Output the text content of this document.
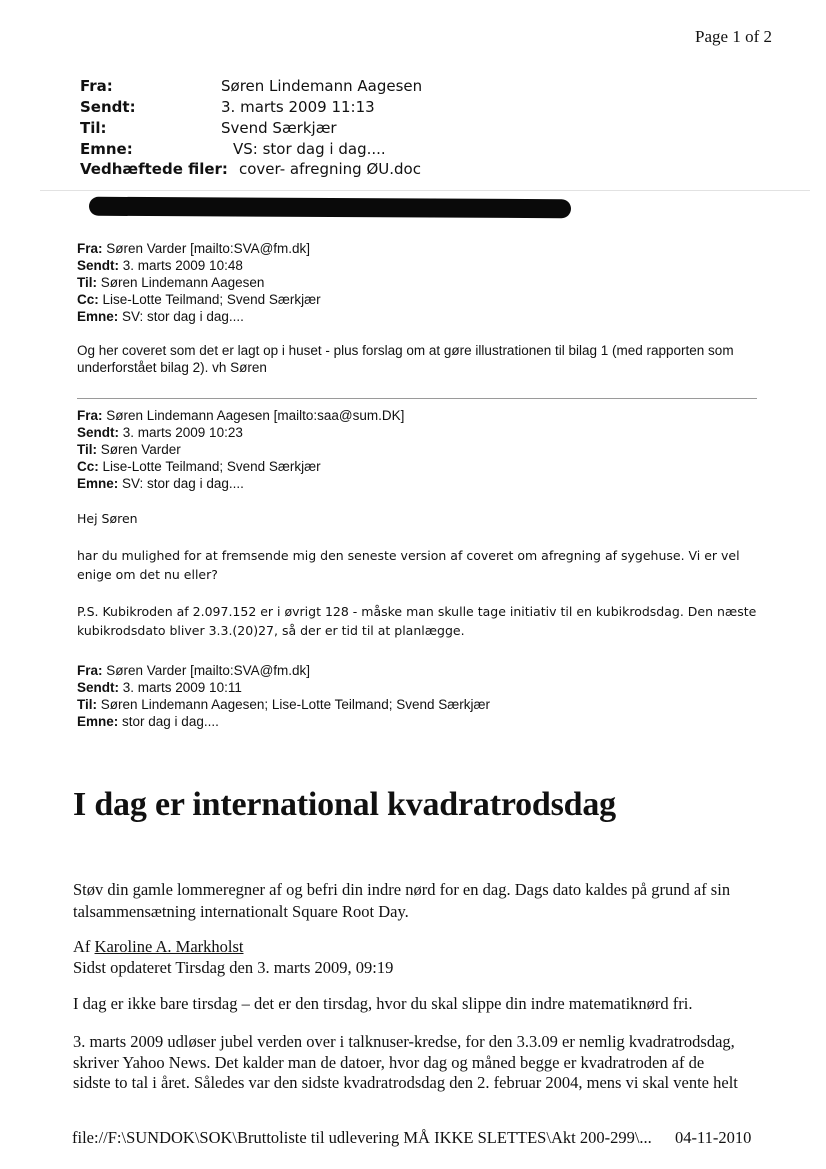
Page 1 of 2
Fra:	Søren Lindemann Aagesen
Sendt:	3. marts 2009 11:13
Til:	Svend Særkjær
Emne:	VS: stor dag i dag....
Vedhæftede filer: cover- afregning ØU.doc
Fra: Søren Varder [mailto:SVA@fm.dk]
Sendt: 3. marts 2009 10:48
Til: Søren Lindemann Aagesen
Cc: Lise-Lotte Teilmand; Svend Særkjær
Emne: SV: stor dag i dag....
Og her coveret som det er lagt op i huset - plus forslag om at gøre illustrationen til bilag 1 (med rapporten som
underforstået bilag 2). vh Søren
Fra: Søren Lindemann Aagesen [mailto:saa@sum.DK]
Sendt: 3. marts 2009 10:23
Til: Søren Varder
Cc: Lise-Lotte Teilmand; Svend Særkjær
Emne: SV: stor dag i dag....
Hej Søren
har du mulighed for at fremsende mig den seneste version af coveret om afregning af sygehuse. Vi er vel
enige om det nu eller?
P.S. Kubikroden af 2.097.152 er i øvrigt 128 - måske man skulle tage initiativ til en kubikrodsdag. Den næste
kubikrodsdato bliver 3.3.(20)27, så der er tid til at planlægge.
Fra: Søren Varder [mailto:SVA@fm.dk]
Sendt: 3. marts 2009 10:11
Til: Søren Lindemann Aagesen; Lise-Lotte Teilmand; Svend Særkjær
Emne: stor dag i dag....
I dag er international kvadratrodsdag
Støv din gamle lommeregner af og befri din indre nørd for en dag. Dags dato kaldes på grund af sin
talsammensætning internationalt Square Root Day.
Af Karoline A. Markholst
Sidst opdateret Tirsdag den 3. marts 2009, 09:19
I dag er ikke bare tirsdag – det er den tirsdag, hvor du skal slippe din indre matematiknørd fri.
3. marts 2009 udløser jubel verden over i talknuser-kredse, for den 3.3.09 er nemlig kvadratrodsdag,
skriver Yahoo News. Det kalder man de datoer, hvor dag og måned begge er kvadratroden af de
sidste to tal i året. Således var den sidste kvadratrodsdag den 2. februar 2004, mens vi skal vente helt
file://F:\SUNDOK\SOK\Bruttoliste til udlevering MÅ IKKE SLETTES\Akt 200-299\... 04-11-2010
